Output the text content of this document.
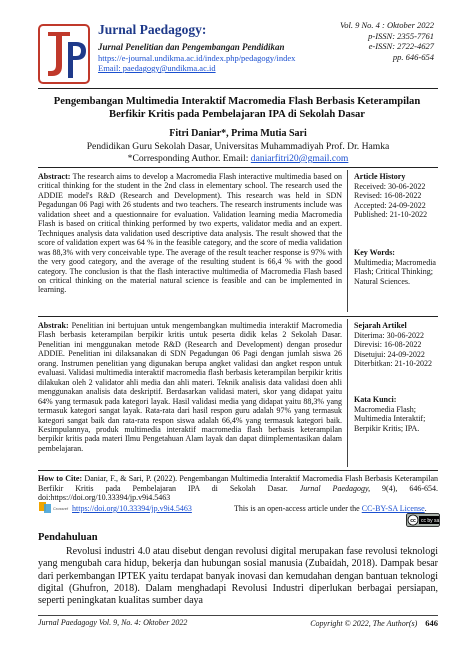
Jurnal Paedagogy:
Jurnal Penelitian dan Pengembangan Pendidikan
https://e-journal.undikma.ac.id/index.php/pedagogy/index
Email: paedagogy@undikma.ac.id
Vol. 9 No. 4 : Oktober 2022
p-ISSN: 2355-7761
e-ISSN: 2722-4627
pp. 646-654
Pengembangan Multimedia Interaktif Macromedia Flash Berbasis Keterampilan Berfikir Kritis pada Pembelajaran IPA di Sekolah Dasar
Fitri Daniar*, Prima Mutia Sari
Pendidikan Guru Sekolah Dasar, Universitas Muhammadiyah Prof. Dr. Hamka
*Corresponding Author. Email: daniarfitri20@gmail.com
Abstract: The research aims to develop a Macromedia Flash interactive multimedia based on critical thinking for the student in the 2nd class in elementary school. The research used the ADDIE model's R&D (Research and Development). This research was held in SDN Pegadungan 06 Pagi with 26 students and two teachers. The research instruments include was validation sheet and a questionnaire for evaluation. Validation learning media Macromedia Flash is based on critical thinking performed by two experts, validator media and an expert. Techniques analysis data validation used descriptive data analysis. The result showed that the score of validation expert was 64 % in the feasible category, and the score of media validation was 88,3% with very conceivable type. The average of the result teacher response is 97% with the very good category, and the average of the resulting student is 66,4 % with the good category. The conclusion is that the flash interactive multimedia of Macromedia Flash based on critical thinking on the material natural science is feasible and can be implemented in learning.
Article History
Received: 30-06-2022
Revised: 16-08-2022
Accepted: 24-09-2022
Published: 21-10-2022
Key Words:
Multimedia; Macromedia Flash; Critical Thinking; Natural Sciences.
Abstrak: Penelitian ini bertujuan untuk mengembangkan multimedia interaktif Macromedia Flash berbasis keterampilan berpikir kritis untuk peserta didik kelas 2 Sekolah Dasar. Penelitian ini menggunakan metode R&D (Research and Development) dengan prosedur ADDIE. Penelitian ini dilaksanakan di SDN Pegadungan 06 Pagi dengan jumlah siswa 26 orang. Instrumen penelitian yang digunakan berupa angket validasi dan angket respon untuk evaluasi. Validasi multimedia interaktif macromedia flash berbasis keterampilan berpikir kritis dilakukan oleh 2 validator ahli media dan ahli materi. Teknik analisis data validasi doen ahli menggunakan analisis data deskriptif. Berdasarkan validasi materi, skor yang didapat yaitu 64% yang termasuk pada kategori layak. Hasil validasi media yang didapat yaitu 88,3% yang termasuk kategori sangat layak. Rata-rata dari hasil respon guru adalah 97% yang termasuk kategori sangat baik dan rata-rata respon siswa adalah 66,4% yang termasuk kategori baik. Kesimpulannya, produk multimedia interaktif macromedia flash berbasis keterampilan berpikir kritis pada materi Ilmu Pengetahuan Alam layak dan dapat diimplementasikan dalam pembelajaran.
Sejarah Artikel
Diterima: 30-06-2022
Direvisi: 16-08-2022
Disetujui: 24-09-2022
Diterbitkan: 21-10-2022
Kata Kunci:
Macromedia Flash; Multimedia Interaktif; Berpikir Kritis; IPA.
How to Cite: Daniar, F., & Sari, P. (2022). Pengembangan Multimedia Interaktif Macromedia Flash Berbasis Keterampilan Berfikir Kritis pada Pembelajaran IPA di Sekolah Dasar. Jurnal Paedagogy, 9(4), 646-654. doi:https://doi.org/10.33394/jp.v9i4.5463
Crossref https://doi.org/10.33394/jp.v9i4.5463	This is an open-access article under the CC-BY-SA License.
cc cc by sa
Pendahuluan

Revolusi industri 4.0 atau disebut dengan revolusi digital merupakan fase revolusi teknologi yang mengubah cara hidup, bekerja dan hubungan sosial manusia (Zubaidah, 2018). Dampak besar dari perkembangan IPTEK yaitu terdapat banyak inovasi dan kemudahan dengan bantuan teknologi digital (Ghufron, 2018). Dalam menghadapi Revolusi Industri diperlukan berbagai persiapan, seperti peningkatan kualitas sumber daya

Jurnal Paedagogy Vol. 9, No. 4: Oktober 2022	Copyright © 2022, The Author(s) 646
